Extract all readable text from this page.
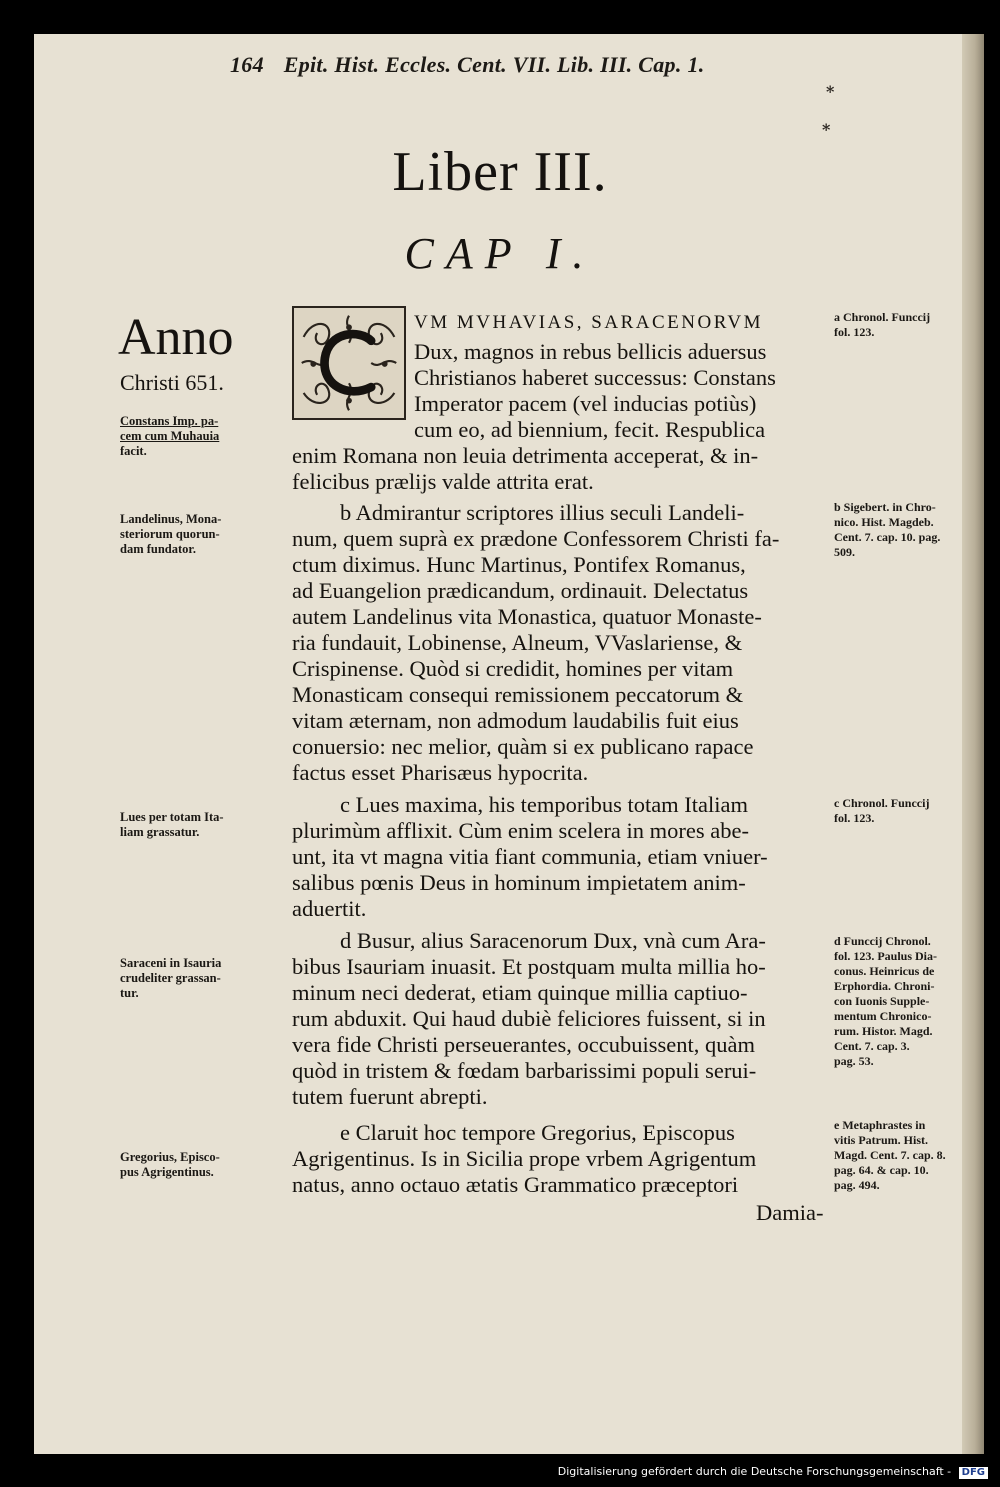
164 Epit. Hist. Eccles. Cent. VII. Lib. III. Cap. 1.
*
*
Liber III.
CAP I.
Anno
Christi 651.
Constans Imp. pa-
cem cum Muhauia
facit.
Landelinus, Mona-
steriorum quorun-
dam fundator.
Lues per totam Ita-
liam grassatur.
Saraceni in Isauria
crudeliter grassan-
tur.
Gregorius, Episco-
pus Agrigentinus.
a Chronol. Funccij
fol. 123.
b Sigebert. in Chro-
nico. Hist. Magdeb.
Cent. 7. cap. 10. pag.
509.
c Chronol. Funccij
fol. 123.
d Funccij Chronol.
fol. 123. Paulus Dia-
conus. Heinricus de
Erphordia. Chroni-
con Iuonis Supple-
mentum Chronico-
rum. Histor. Magd.
Cent. 7. cap. 3.
pag. 53.
e Metaphrastes in
vitis Patrum. Hist.
Magd. Cent. 7. cap. 8.
pag. 64. & cap. 10.
pag. 494.
C
VM MVHAVIAS, SARACENORVM
Dux, magnos in rebus bellicis aduersus
Christianos haberet successus: Constans
Imperator pacem (vel inducias potiùs)
cum eo, ad biennium, fecit. Respublica
enim Romana non leuia detrimenta acceperat, & in-
felicibus prælijs valde attrita erat.
b Admirantur scriptores illius seculi Landeli-
num, quem suprà ex prædone Confessorem Christi fa-
ctum diximus. Hunc Martinus, Pontifex Romanus,
ad Euangelion prædicandum, ordinauit. Delectatus
autem Landelinus vita Monastica, quatuor Monaste-
ria fundauit, Lobinense, Alneum, VVaslariense, &
Crispinense. Quòd si credidit, homines per vitam
Monasticam consequi remissionem peccatorum &
vitam æternam, non admodum laudabilis fuit eius
conuersio: nec melior, quàm si ex publicano rapace
factus esset Pharisæus hypocrita.
c Lues maxima, his temporibus totam Italiam
plurimùm afflixit. Cùm enim scelera in mores abe-
unt, ita vt magna vitia fiant communia, etiam vniuer-
salibus pœnis Deus in hominum impietatem anim-
aduertit.
d Busur, alius Saracenorum Dux, vnà cum Ara-
bibus Isauriam inuasit. Et postquam multa millia ho-
minum neci dederat, etiam quinque millia captiuo-
rum abduxit. Qui haud dubiè feliciores fuissent, si in
vera fide Christi perseuerantes, occubuissent, quàm
quòd in tristem & fœdam barbarissimi populi serui-
tutem fuerunt abrepti.
e Claruit hoc tempore Gregorius, Episcopus
Agrigentinus. Is in Sicilia prope vrbem Agrigentum
natus, anno octauo ætatis Grammatico præceptori
Damia-
Digitalisierung gefördert durch die Deutsche Forschungsgemeinschaft - DFG
